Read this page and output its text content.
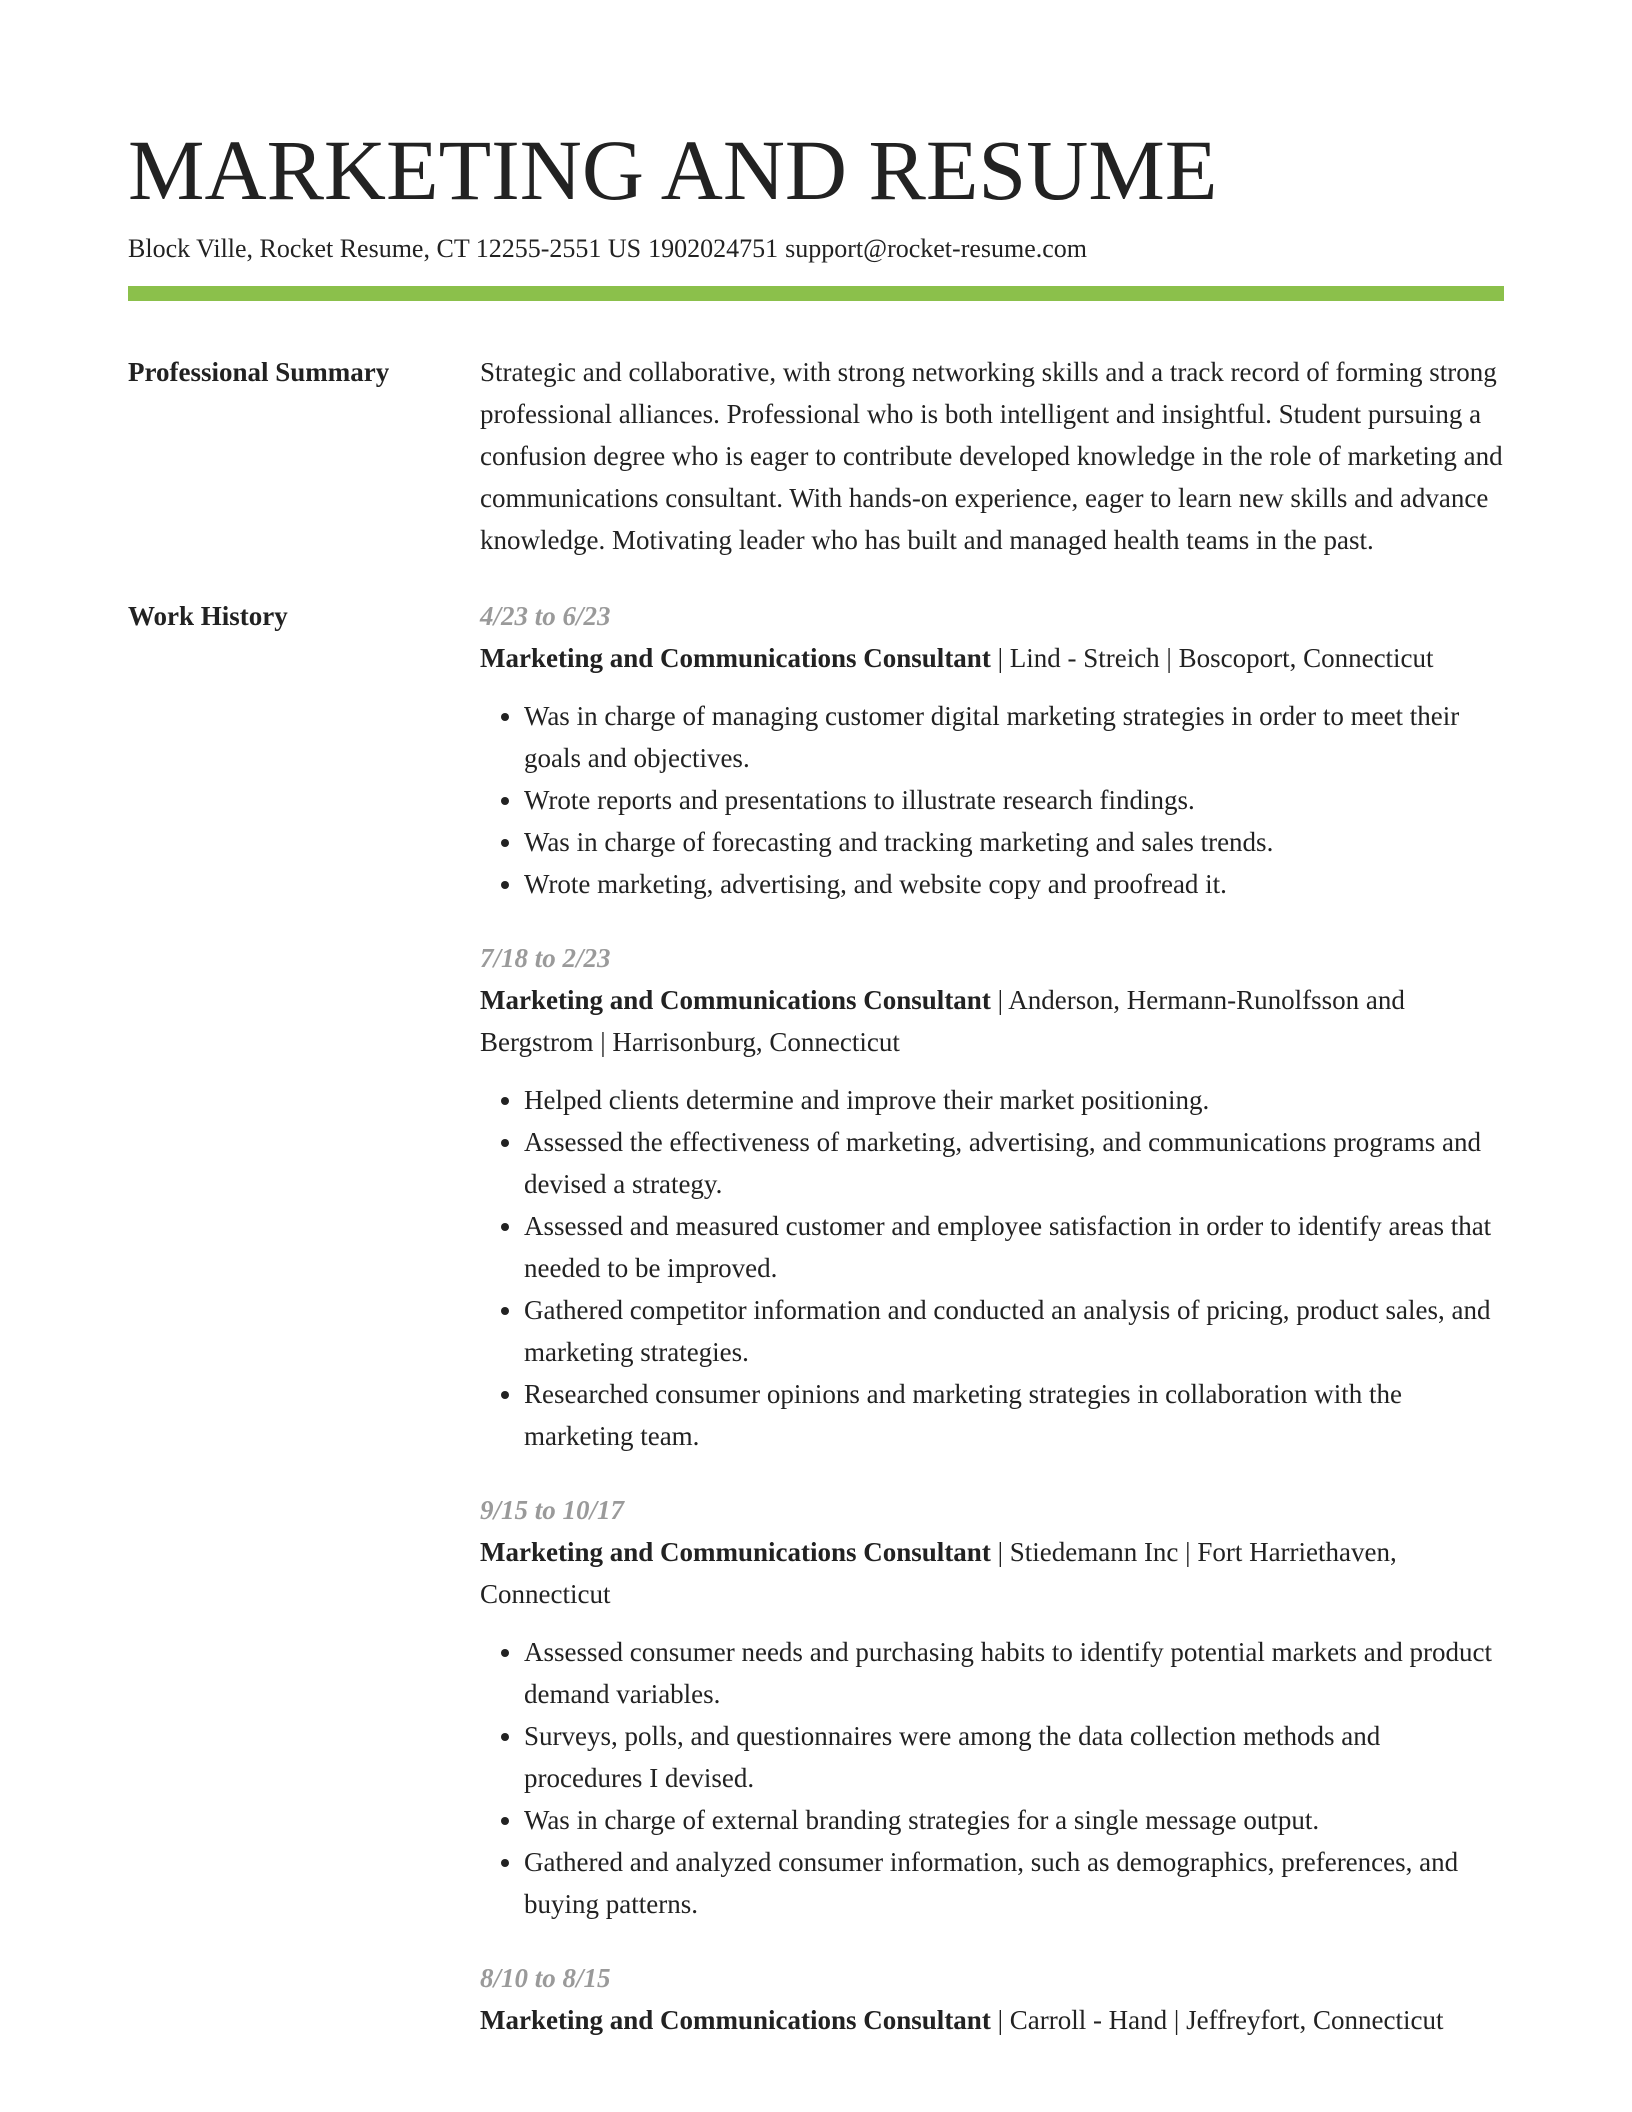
MARKETING AND RESUME
Block Ville, Rocket Resume, CT 12255-2551 US 1902024751 support@rocket-resume.com
Professional Summary	Strategic and collaborative, with strong networking skills and a track record of forming strong professional alliances. Professional who is both intelligent and insightful. Student pursuing a confusion degree who is eager to contribute developed knowledge in the role of marketing and communications consultant. With hands-on experience, eager to learn new skills and advance knowledge. Motivating leader who has built and managed health teams in the past.
Work History	4/23 to 6/23
Marketing and Communications Consultant | Lind - Streich | Boscoport, Connecticut
• Was in charge of managing customer digital marketing strategies in order to meet their goals and objectives.
• Wrote reports and presentations to illustrate research findings.
• Was in charge of forecasting and tracking marketing and sales trends.
• Wrote marketing, advertising, and website copy and proofread it.
7/18 to 2/23
Marketing and Communications Consultant | Anderson, Hermann-Runolfsson and Bergstrom | Harrisonburg, Connecticut
• Helped clients determine and improve their market positioning.
• Assessed the effectiveness of marketing, advertising, and communications programs and devised a strategy.
• Assessed and measured customer and employee satisfaction in order to identify areas that needed to be improved.
• Gathered competitor information and conducted an analysis of pricing, product sales, and marketing strategies.
• Researched consumer opinions and marketing strategies in collaboration with the marketing team.
9/15 to 10/17
Marketing and Communications Consultant | Stiedemann Inc | Fort Harriethaven, Connecticut
• Assessed consumer needs and purchasing habits to identify potential markets and product demand variables.
• Surveys, polls, and questionnaires were among the data collection methods and procedures I devised.
• Was in charge of external branding strategies for a single message output.
• Gathered and analyzed consumer information, such as demographics, preferences, and buying patterns.
8/10 to 8/15
Marketing and Communications Consultant | Carroll - Hand | Jeffreyfort, Connecticut
